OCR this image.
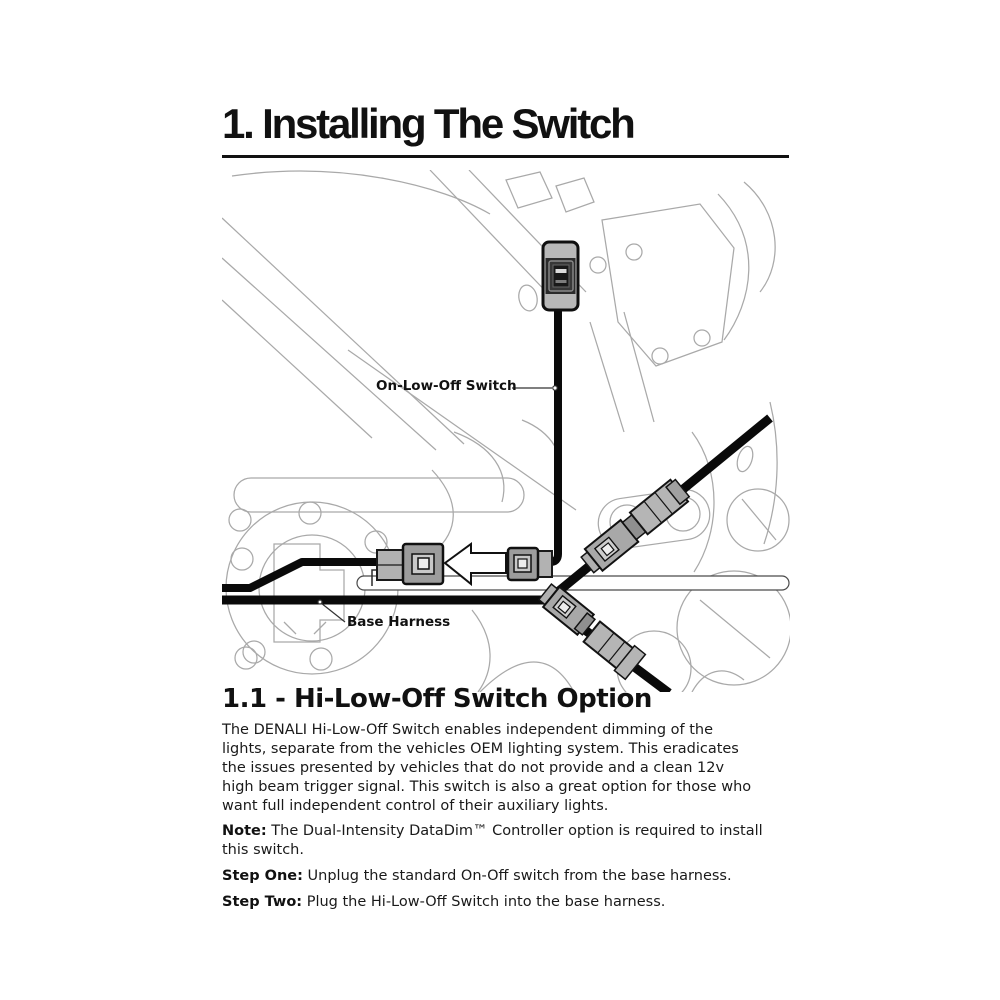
1. Installing The Switch
On-Low-Off Switch
Base Harness
1.1 - Hi-Low-Off Switch Option
The DENALI Hi-Low-Off Switch enables independent dimming of the
lights, separate from the vehicles OEM lighting system. This eradicates
the issues presented by vehicles that do not provide and a clean 12v
high beam trigger signal. This switch is also a great option for those who
want full independent control of their auxiliary lights.

Note: The Dual-Intensity DataDim™ Controller option is required to install this switch.

Step One: Unplug the standard On-Off switch from the base harness.

Step Two: Plug the Hi-Low-Off Switch into the base harness.
